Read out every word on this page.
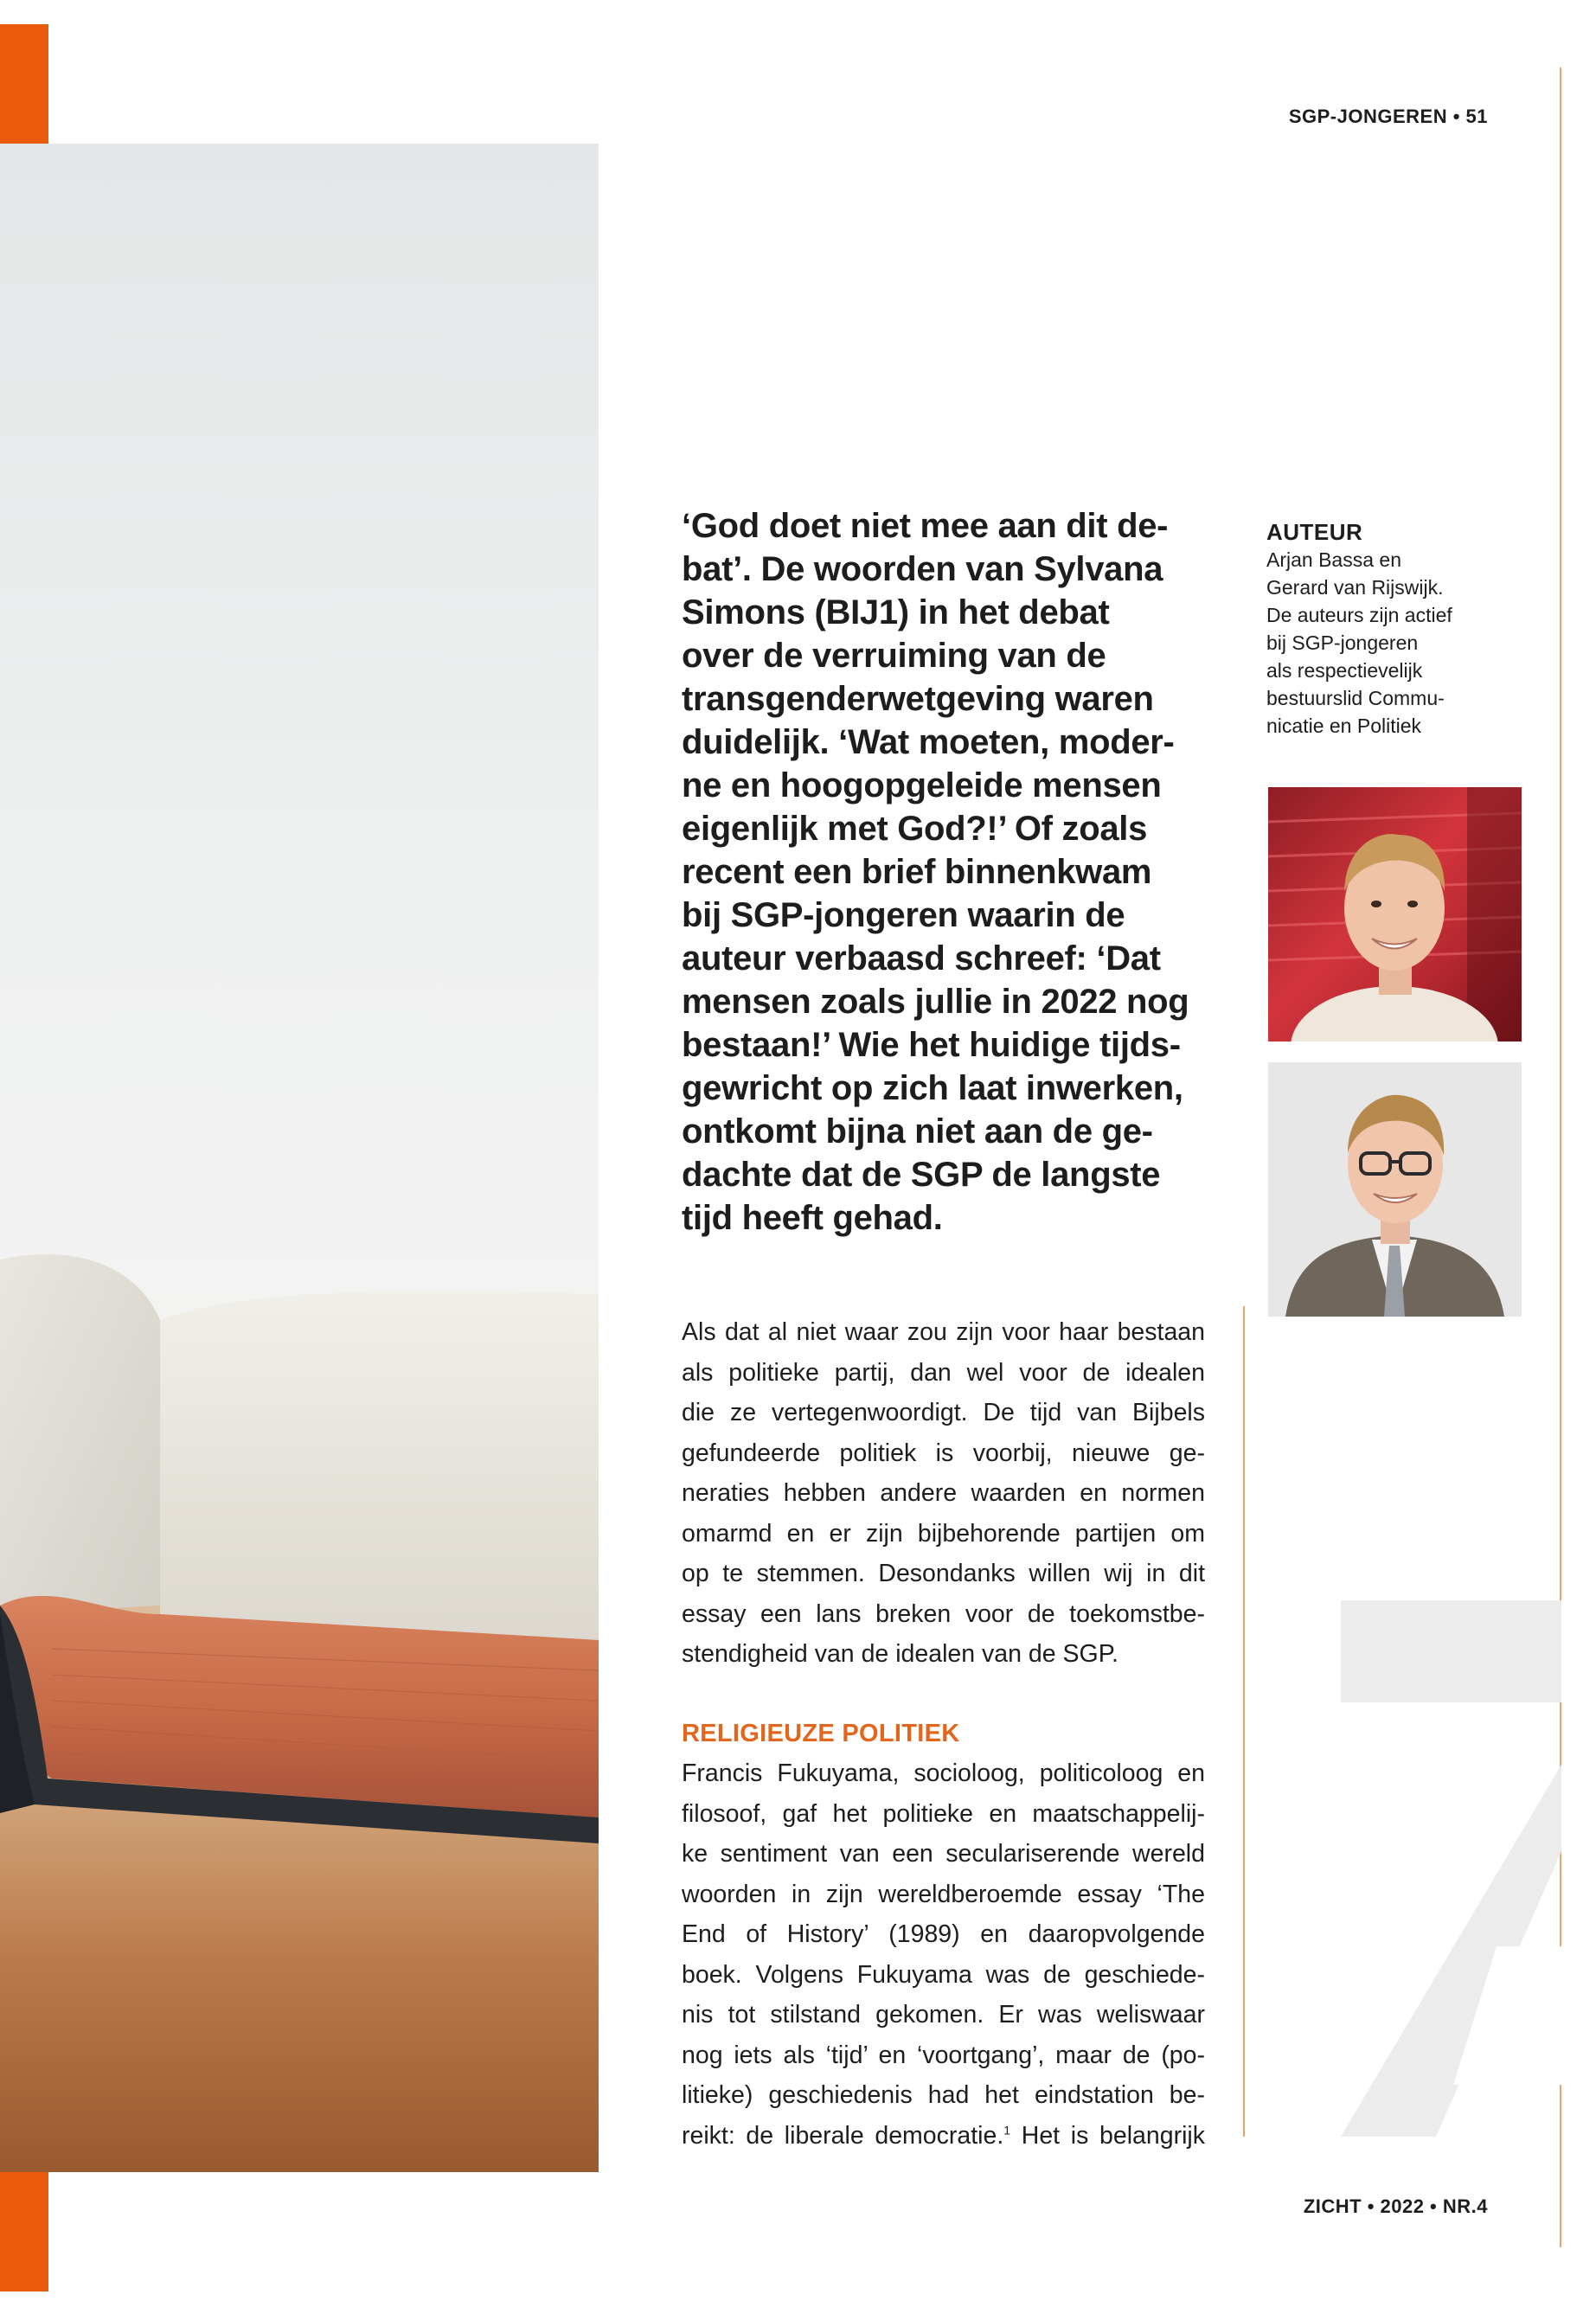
SGP-JONGEREN • 51
‘God doet niet mee aan dit de-
bat’. De woorden van Sylvana
Simons (BIJ1) in het debat
over de verruiming van de
transgenderwetgeving waren
duidelijk. ‘Wat moeten, moder-
ne en hoogopgeleide mensen
eigenlijk met God?!’ Of zoals
recent een brief binnenkwam
bij SGP-jongeren waarin de
auteur verbaasd schreef: ‘Dat
mensen zoals jullie in 2022 nog
bestaan!’ Wie het huidige tijds-
gewricht op zich laat inwerken,
ontkomt bijna niet aan de ge-
dachte dat de SGP de langste
tijd heeft gehad.
AUTEUR
Arjan Bassa en
Gerard van Rijswijk.
De auteurs zijn actief
bij SGP-jongeren
als respectievelijk
bestuurslid Commu-
nicatie en Politiek
Als dat al niet waar zou zijn voor haar bestaan
als politieke partij, dan wel voor de idealen
die ze vertegenwoordigt. De tijd van Bijbels
gefundeerde politiek is voorbij, nieuwe ge-
neraties hebben andere waarden en normen
omarmd en er zijn bijbehorende partijen om
op te stemmen. Desondanks willen wij in dit
essay een lans breken voor de toekomstbe-
stendigheid van de idealen van de SGP.
RELIGIEUZE POLITIEK
Francis Fukuyama, socioloog, politicoloog en
filosoof, gaf het politieke en maatschappelij-
ke sentiment van een seculariserende wereld
woorden in zijn wereldberoemde essay ‘The
End of History’ (1989) en daaropvolgende
boek. Volgens Fukuyama was de geschiede-
nis tot stilstand gekomen. Er was weliswaar
nog iets als ‘tijd’ en ‘voortgang’, maar de (po-
litieke) geschiedenis had het eindstation be-
reikt: de liberale democratie.$^1$ Het is belangrijk
ZICHT • 2022 • NR.4
